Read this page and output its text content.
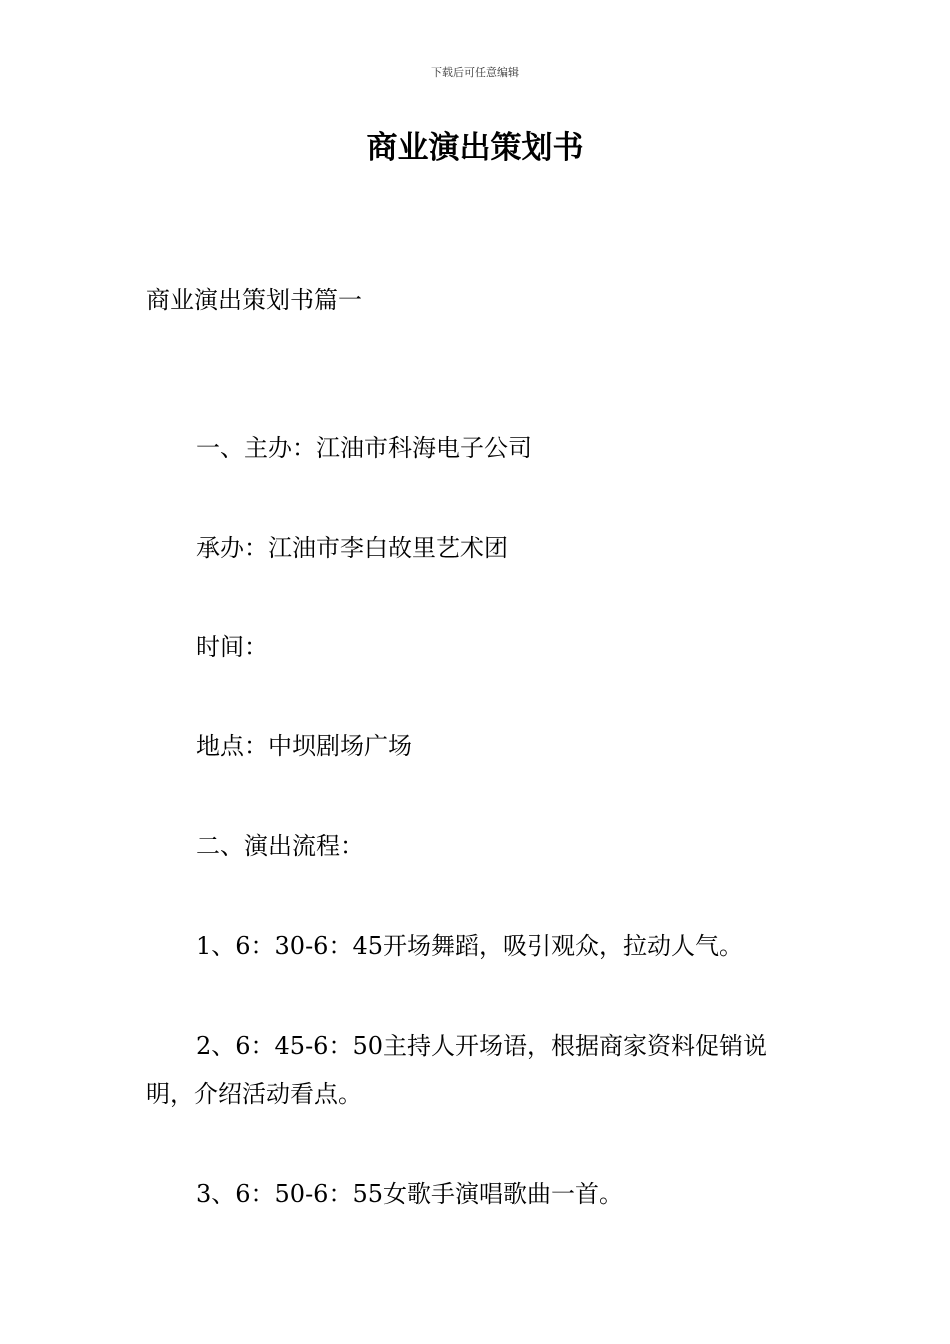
下载后可任意编辑
商业演出策划书
商业演出策划书篇一

一、主办：江油市科海电子公司

承办：江油市李白故里艺术团

时间：

地点：中坝剧场广场

二、演出流程：

1、6：30-6：45开场舞蹈，吸引观众，拉动人气。

2、6：45-6：50主持人开场语，根据商家资料促销说明，介绍活动看点。

3、6：50-6：55女歌手演唱歌曲一首。
